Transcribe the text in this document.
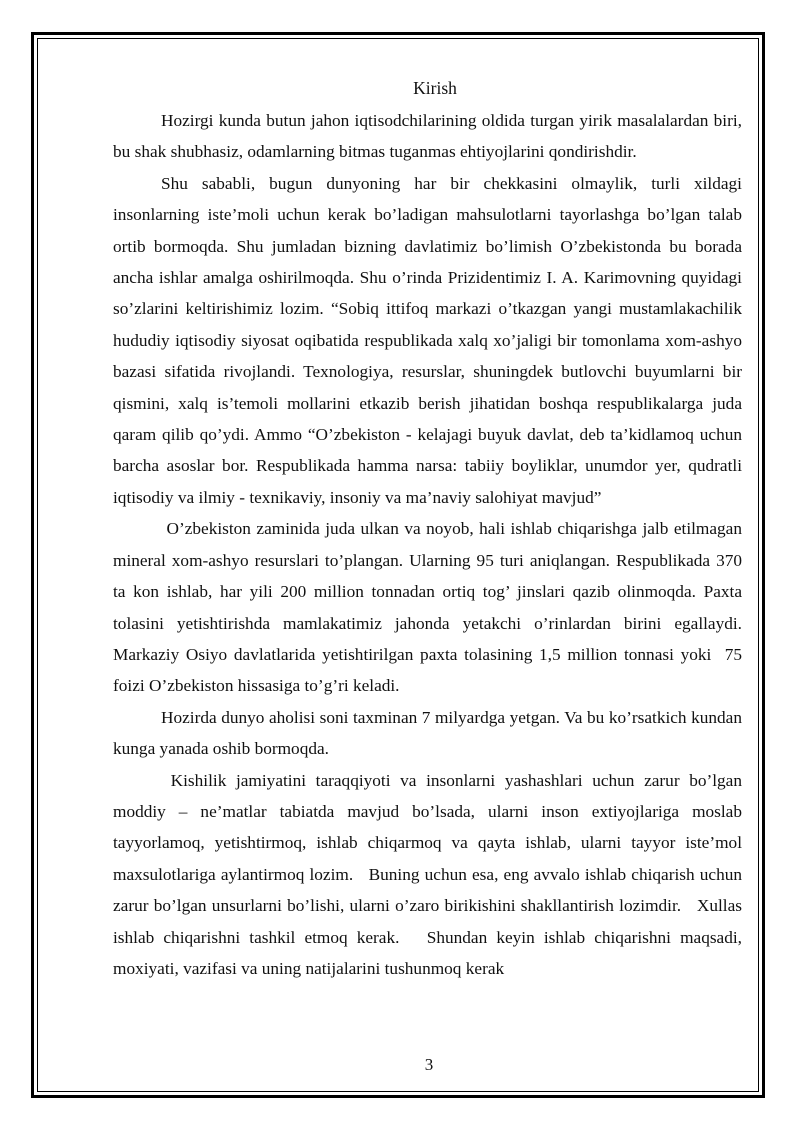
Kirish

Hozirgi kunda butun jahon iqtisodchilarining oldida turgan yirik masalalardan biri, bu shak shubhasiz, odamlarning bitmas tuganmas ehtiyojlarini qondirishdir.

Shu sababli, bugun dunyoning har bir chekkasini olmaylik, turli xildagi insonlarning iste’moli uchun kerak bo’ladigan mahsulotlarni tayorlashga bo’lgan talab ortib bormoqda. Shu jumladan bizning davlatimiz bo’limish O’zbekistonda bu borada ancha ishlar amalga oshirilmoqda. Shu o’rinda Prizidentimiz I. A. Karimovning quyidagi so’zlarini keltirishimiz lozim. “Sobiq ittifoq markazi o’tkazgan yangi mustamlakachilik hududiy iqtisodiy siyosat oqibatida respublikada xalq xo’jaligi bir tomonlama xom-ashyo bazasi sifatida rivojlandi. Texnologiya, resurslar, shuningdek butlovchi buyumlarni bir qismini, xalq is’temoli mollarini etkazib berish jihatidan boshqa respublikalarga juda qaram qilib qo’ydi. Ammo “O’zbekiston - kelajagi buyuk davlat, deb ta’kidlamoq uchun barcha asoslar bor. Respublikada hamma narsa: tabiiy boyliklar, unumdor yer, qudratli iqtisodiy va ilmiy - texnikaviy, insoniy va ma’naviy salohiyat mavjud”

O’zbekiston zaminida juda ulkan va noyob, hali ishlab chiqarishga jalb etilmagan mineral xom-ashyo resurslari to’plangan. Ularning 95 turi aniqlangan. Respublikada 370 ta kon ishlab, har yili 200 million tonnadan ortiq tog’ jinslari qazib olinmoqda. Paxta tolasini yetishtirishda mamlakatimiz jahonda yetakchi o’rinlardan birini egallaydi. Markaziy Osiyo davlatlarida yetishtirilgan paxta tolasining 1,5 million tonnasi yoki  75 foizi O’zbekiston hissasiga to’g’ri keladi.

Hozirda dunyo aholisi soni taxminan 7 milyardga yetgan. Va bu ko’rsatkich kundan kunga yanada oshib bormoqda.

Kishilik jamiyatini taraqqiyoti va insonlarni yashashlari uchun zarur bo’lgan moddiy – ne’matlar tabiatda mavjud bo’lsada, ularni inson extiyojlariga moslab tayyorlamoq, yetishtirmoq, ishlab chiqarmoq va qayta ishlab, ularni tayyor iste’mol maxsulotlariga aylantirmoq lozim.   Buning uchun esa, eng avvalo ishlab chiqarish uchun zarur bo’lgan unsurlarni bo’lishi, ularni o’zaro birikishini shakllantirish lozimdir.   Xullas ishlab chiqarishni tashkil etmoq kerak.   Shundan keyin ishlab chiqarishni maqsadi, moxiyati, vazifasi va uning natijalarini tushunmoq kerak

3
